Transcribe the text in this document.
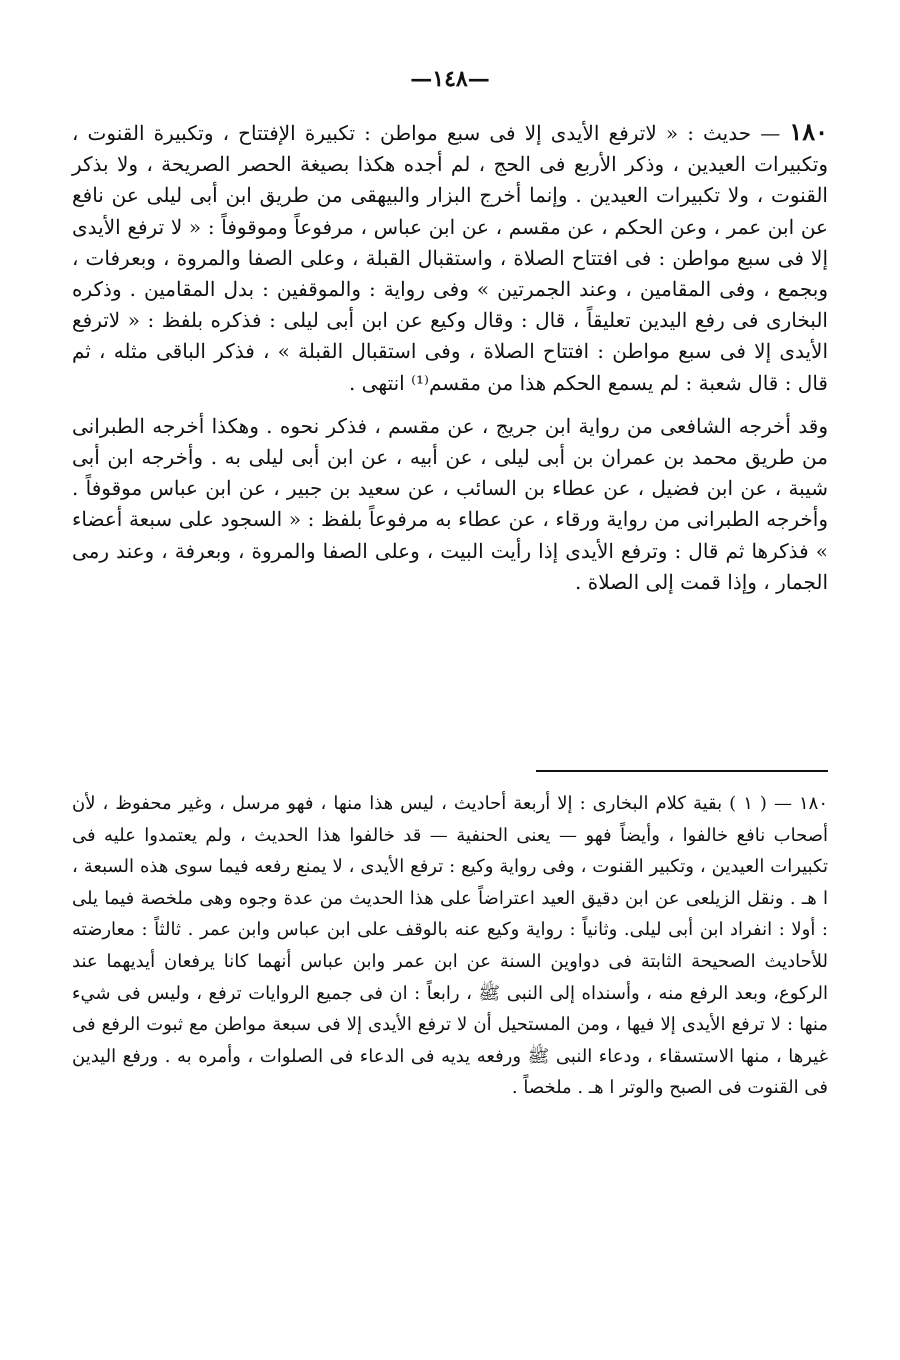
—١٤٨—

١٨٠ — حديث : « لاترفع الأيدى إلا فى سبع مواطن : تكبيرة الإفتتاح ، وتكبيرة القنوت ، وتكبيرات العيدين ، وذكر الأربع فى الحج ، لم أجده هكذا بصيغة الحصر الصريحة ، ولا بذكر القنوت ، ولا تكبيرات العيدين . وإنما أخرج البزار والبيهقى من طريق ابن أبى ليلى عن نافع عن ابن عمر ، وعن الحكم ، عن مقسم ، عن ابن عباس ، مرفوعاً وموقوفاً : « لا ترفع الأيدى إلا فى سبع مواطن : فى افتتاح الصلاة ، واستقبال القبلة ، وعلى الصفا والمروة ، وبعرفات ، وبجمع ، وفى المقامين ، وعند الجمرتين » وفى رواية : والموقفين : بدل المقامين . وذكره البخارى فى رفع اليدين تعليقاً ، قال : وقال وكيع عن ابن أبى ليلى : فذكره بلفظ : « لاترفع الأيدى إلا فى سبع مواطن : افتتاح الصلاة ، وفى استقبال القبلة » ، فذكر الباقى مثله ، ثم قال : قال شعبة : لم يسمع الحكم هذا من مقسم⁽¹⁾ انتهى .

وقد أخرجه الشافعى من رواية ابن جريج ، عن مقسم ، فذكر نحوه . وهكذا أخرجه الطبرانى من طريق محمد بن عمران بن أبى ليلى ، عن أبيه ، عن ابن أبى ليلى به . وأخرجه ابن أبى شيبة ، عن ابن فضيل ، عن عطاء بن السائب ، عن سعيد بن جبير ، عن ابن عباس موقوفاً . وأخرجه الطبرانى من رواية ورقاء ، عن عطاء به مرفوعاً بلفظ : « السجود على سبعة أعضاء » فذكرها ثم قال : وترفع الأيدى إذا رأيت البيت ، وعلى الصفا والمروة ، وبعرفة ، وعند رمى الجمار ، وإذا قمت إلى الصلاة .

١٨٠ — ( ١ ) بقية كلام البخارى : إلا أربعة أحاديث ، ليس هذا منها ، فهو مرسل ، وغير محفوظ ، لأن أصحاب نافع خالفوا ، وأيضاً فهو — يعنى الحنفية — قد خالفوا هذا الحديث ، ولم يعتمدوا عليه فى تكبيرات العيدين ، وتكبير القنوت ، وفى رواية وكيع : ترفع الأيدى ، لا يمنع رفعه فيما سوى هذه السبعة ، ا هـ . ونقل الزيلعى عن ابن دقيق العيد اعتراضاً على هذا الحديث من عدة وجوه وهى ملخصة فيما يلى : أولا : انفراد ابن أبى ليلى. وثانياً : رواية وكيع عنه بالوقف على ابن عباس وابن عمر . ثالثاً : معارضته للأحاديث الصحيحة الثابتة فى دواوين السنة عن ابن عمر وابن عباس أنهما كانا يرفعان أيديهما عند الركوع، وبعد الرفع منه ، وأسنداه إلى النبى ﷺ ، رابعاً : ان فى جميع الروايات ترفع ، وليس فى شيء منها : لا ترفع الأيدى إلا فيها ، ومن المستحيل أن لا ترفع الأيدى إلا فى سبعة مواطن مع ثبوت الرفع فى غيرها ، منها الاستسقاء ، ودعاء النبى ﷺ ورفعه يديه فى الدعاء فى الصلوات ، وأمره به . ورفع اليدين فى القنوت فى الصبح والوتر ا هـ . ملخصاً .
